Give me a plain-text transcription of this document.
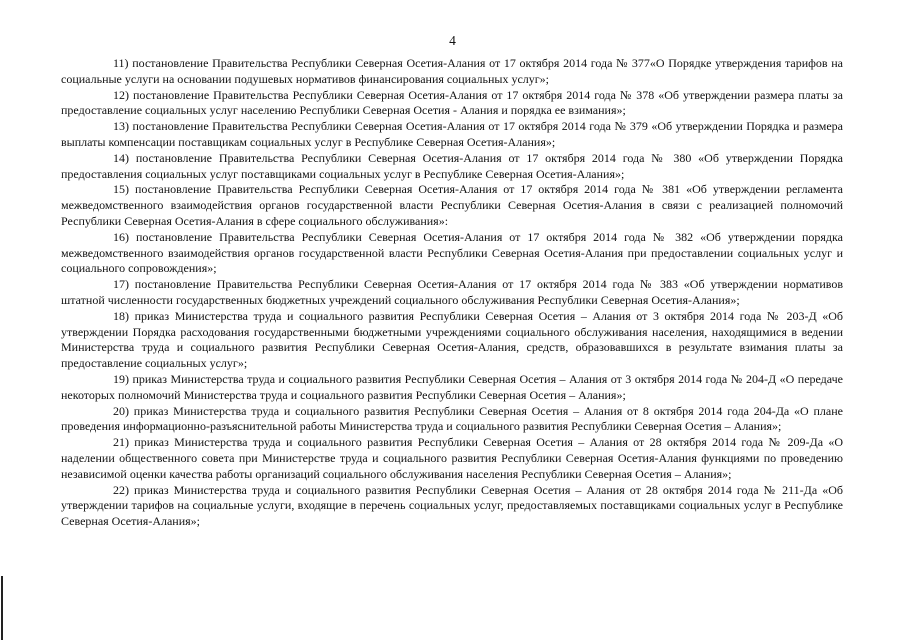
4

11) постановление Правительства Республики Северная Осетия-Алания от 17 октября 2014 года № 377«О Порядке утверждения тарифов на социальные услуги на основании подушевых нормативов финансирования социальных услуг»;

12) постановление Правительства Республики Северная Осетия-Алания от 17 октября 2014 года № 378 «Об утверждении размера платы за предоставление социальных услуг населению Республики Северная Осетия - Алания и порядка ее взимания»;

13) постановление Правительства Республики Северная Осетия-Алания от 17 октября 2014 года № 379 «Об утверждении Порядка и размера выплаты компенсации поставщикам социальных услуг в Республике Северная Осетия-Алания»;

14) постановление Правительства Республики Северная Осетия-Алания от 17 октября 2014 года № 380 «Об утверждении Порядка предоставления социальных услуг поставщиками социальных услуг в Республике Северная Осетия-Алания»;

15) постановление Правительства Республики Северная Осетия-Алания от 17 октября 2014 года № 381 «Об утверждении регламента межведомственного взаимодействия органов государственной власти Республики Северная Осетия-Алания в связи с реализацией полномочий Республики Северная Осетия-Алания в сфере социального обслуживания»:

16) постановление Правительства Республики Северная Осетия-Алания от 17 октября 2014 года № 382 «Об утверждении порядка межведомственного взаимодействия органов государственной власти Республики Северная Осетия-Алания при предоставлении социальных услуг и социального сопровождения»;

17) постановление Правительства Республики Северная Осетия-Алания от 17 октября 2014 года № 383 «Об утверждении нормативов штатной численности государственных бюджетных учреждений социального обслуживания Республики Северная Осетия-Алания»;

18) приказ Министерства труда и социального развития Республики Северная Осетия – Алания от 3 октября 2014 года № 203-Д «Об утверждении Порядка расходования государственными бюджетными учреждениями социального обслуживания населения, находящимися в ведении Министерства труда и социального развития Республики Северная Осетия-Алания, средств, образовавшихся в результате взимания платы за предоставление социальных услуг»;

19) приказ Министерства труда и социального развития Республики Северная Осетия – Алания от 3 октября 2014 года № 204-Д «О передаче некоторых полномочий Министерства труда и социального развития Республики Северная Осетия – Алания»;

20) приказ Министерства труда и социального развития Республики Северная Осетия – Алания от 8 октября 2014 года 204-Да «О плане проведения информационно-разъяснительной работы Министерства труда и социального развития Республики Северная Осетия – Алания»;

21) приказ Министерства труда и социального развития Республики Северная Осетия – Алания от 28 октября 2014 года № 209-Да «О наделении общественного совета при Министерстве труда и социального развития Республики Северная Осетия-Алания функциями по проведению независимой оценки качества работы организаций социального обслуживания населения Республики Северная Осетия – Алания»;

22) приказ Министерства труда и социального развития Республики Северная Осетия – Алания от 28 октября 2014 года № 211-Да «Об утверждении тарифов на социальные услуги, входящие в перечень социальных услуг, предоставляемых поставщиками социальных услуг в Республике Северная Осетия-Алания»;
